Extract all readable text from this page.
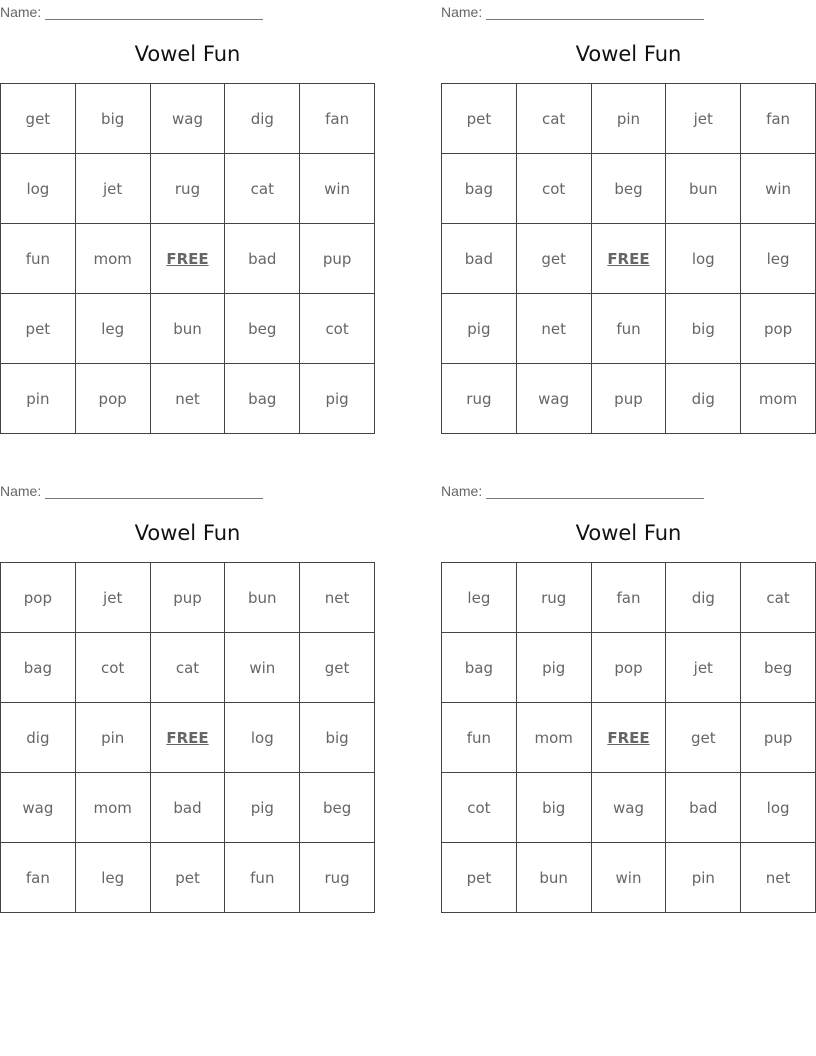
Name:
Vowel Fun
get	big	wag	dig	fan
log	jet	rug	cat	win
fun	mom	FREE	bad	pup
pet	leg	bun	beg	cot
pin	pop	net	bag	pig
Name:
Vowel Fun
pet	cat	pin	jet	fan
bag	cot	beg	bun	win
bad	get	FREE	log	leg
pig	net	fun	big	pop
rug	wag	pup	dig	mom
Name:
Vowel Fun
pop	jet	pup	bun	net
bag	cot	cat	win	get
dig	pin	FREE	log	big
wag	mom	bad	pig	beg
fan	leg	pet	fun	rug
Name:
Vowel Fun
leg	rug	fan	dig	cat
bag	pig	pop	jet	beg
fun	mom	FREE	get	pup
cot	big	wag	bad	log
pet	bun	win	pin	net
